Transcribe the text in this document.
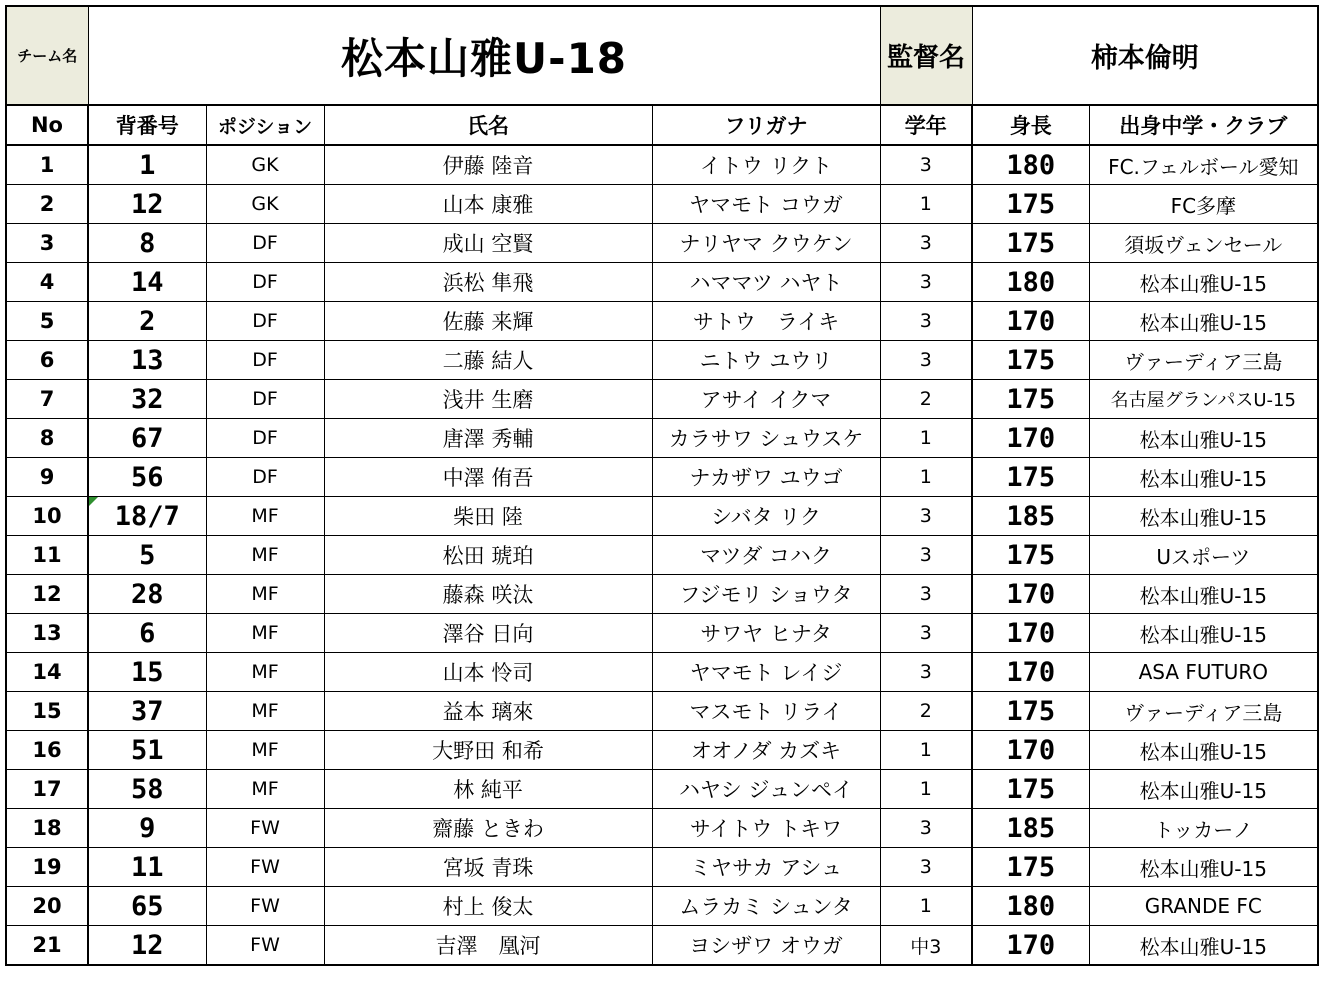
チーム名	松本山雅U-18				監督名	柿本倫明	
No	背番号	ポジション	氏名	フリガナ	学年	身長	出身中学・クラブ
1	1	GK	伊藤 陸音	イトウ リクト	3	180	FC.フェルボール愛知
2	12	GK	山本 康雅	ヤマモト コウガ	1	175	FC多摩
3	8	DF	成山 空賢	ナリヤマ クウケン	3	175	須坂ヴェンセール
4	14	DF	浜松 隼飛	ハママツ ハヤト	3	180	松本山雅U-15
5	2	DF	佐藤 来輝	サトウ　ライキ	3	170	松本山雅U-15
6	13	DF	二藤 結人	ニトウ ユウリ	3	175	ヴァーディア三島
7	32	DF	浅井 生磨	アサイ イクマ	2	175	名古屋グランパスU-15
8	67	DF	唐澤 秀輔	カラサワ シュウスケ	1	170	松本山雅U-15
9	56	DF	中澤 侑吾	ナカザワ ユウゴ	1	175	松本山雅U-15
10	18/7	MF	柴田 陸	シバタ リク	3	185	松本山雅U-15
11	5	MF	松田 琥珀	マツダ コハク	3	175	Uスポーツ
12	28	MF	藤森 咲汰	フジモリ ショウタ	3	170	松本山雅U-15
13	6	MF	澤谷 日向	サワヤ ヒナタ	3	170	松本山雅U-15
14	15	MF	山本 怜司	ヤマモト レイジ	3	170	ASA FUTURO
15	37	MF	益本 璃來	マスモト リライ	2	175	ヴァーディア三島
16	51	MF	大野田 和希	オオノダ カズキ	1	170	松本山雅U-15
17	58	MF	林 純平	ハヤシ ジュンペイ	1	175	松本山雅U-15
18	9	FW	齋藤 ときわ	サイトウ トキワ	3	185	トッカーノ
19	11	FW	宮坂 青珠	ミヤサカ アシュ	3	175	松本山雅U-15
20	65	FW	村上 俊太	ムラカミ シュンタ	1	180	GRANDE FC
21	12	FW	吉澤　凰河	ヨシザワ オウガ	中3	170	松本山雅U-15
